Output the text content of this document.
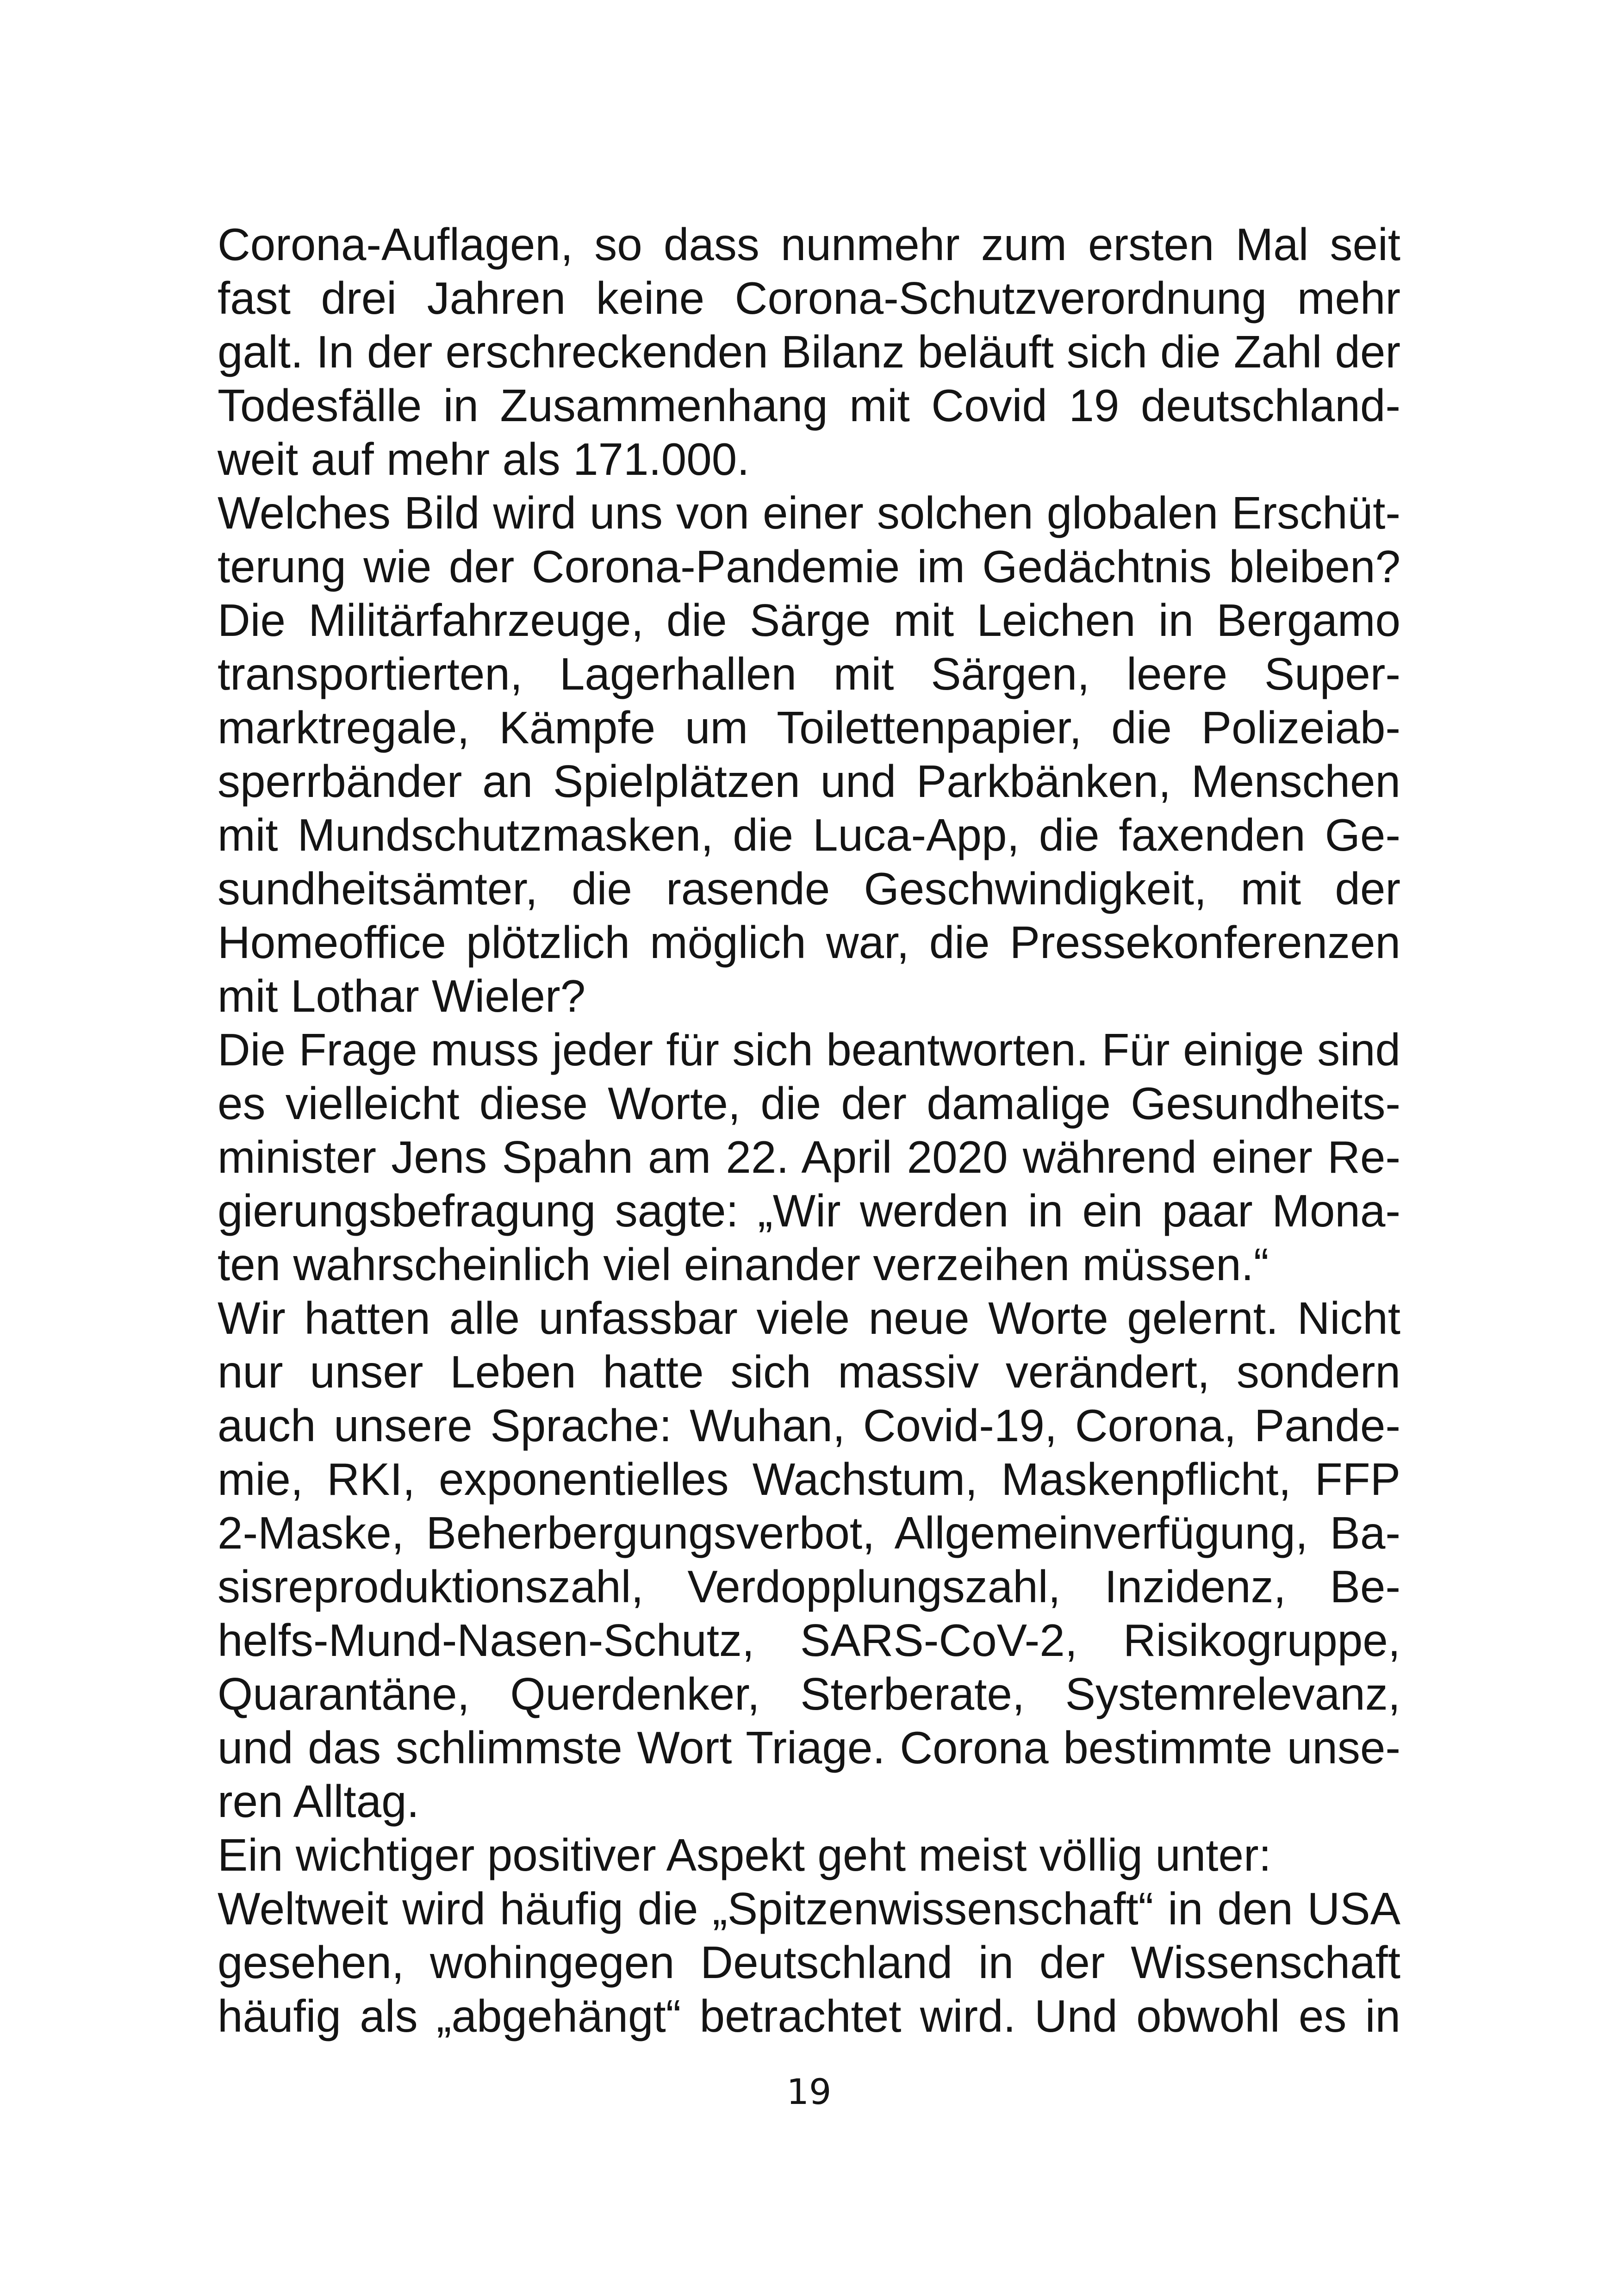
Corona-Auflagen, so dass nunmehr zum ersten Mal seit
fast drei Jahren keine Corona-Schutzverordnung mehr
galt. In der erschreckenden Bilanz beläuft sich die Zahl der
Todesfälle in Zusammenhang mit Covid 19 deutschland-
weit auf mehr als 171.000.
Welches Bild wird uns von einer solchen globalen Erschüt-
terung wie der Corona-Pandemie im Gedächtnis bleiben?
Die Militärfahrzeuge, die Särge mit Leichen in Bergamo
transportierten, Lagerhallen mit Särgen, leere Super-
marktregale, Kämpfe um Toilettenpapier, die Polizeiab-
sperrbänder an Spielplätzen und Parkbänken, Menschen
mit Mundschutzmasken, die Luca-App, die faxenden Ge-
sundheitsämter, die rasende Geschwindigkeit, mit der
Homeoffice plötzlich möglich war, die Pressekonferenzen
mit Lothar Wieler?
Die Frage muss jeder für sich beantworten. Für einige sind
es vielleicht diese Worte, die der damalige Gesundheits-
minister Jens Spahn am 22. April 2020 während einer Re-
gierungsbefragung sagte: „Wir werden in ein paar Mona-
ten wahrscheinlich viel einander verzeihen müssen.“
Wir hatten alle unfassbar viele neue Worte gelernt. Nicht
nur unser Leben hatte sich massiv verändert, sondern
auch unsere Sprache: Wuhan, Covid-19, Corona, Pande-
mie, RKI, exponentielles Wachstum, Maskenpflicht, FFP
2-Maske, Beherbergungsverbot, Allgemeinverfügung, Ba-
sisreproduktionszahl, Verdopplungszahl, Inzidenz, Be-
helfs-Mund-Nasen-Schutz, SARS-CoV-2, Risikogruppe,
Quarantäne, Querdenker, Sterberate, Systemrelevanz,
und das schlimmste Wort Triage. Corona bestimmte unse-
ren Alltag.
Ein wichtiger positiver Aspekt geht meist völlig unter:
Weltweit wird häufig die „Spitzenwissenschaft“ in den USA
gesehen, wohingegen Deutschland in der Wissenschaft
häufig als „abgehängt“ betrachtet wird. Und obwohl es in
19
